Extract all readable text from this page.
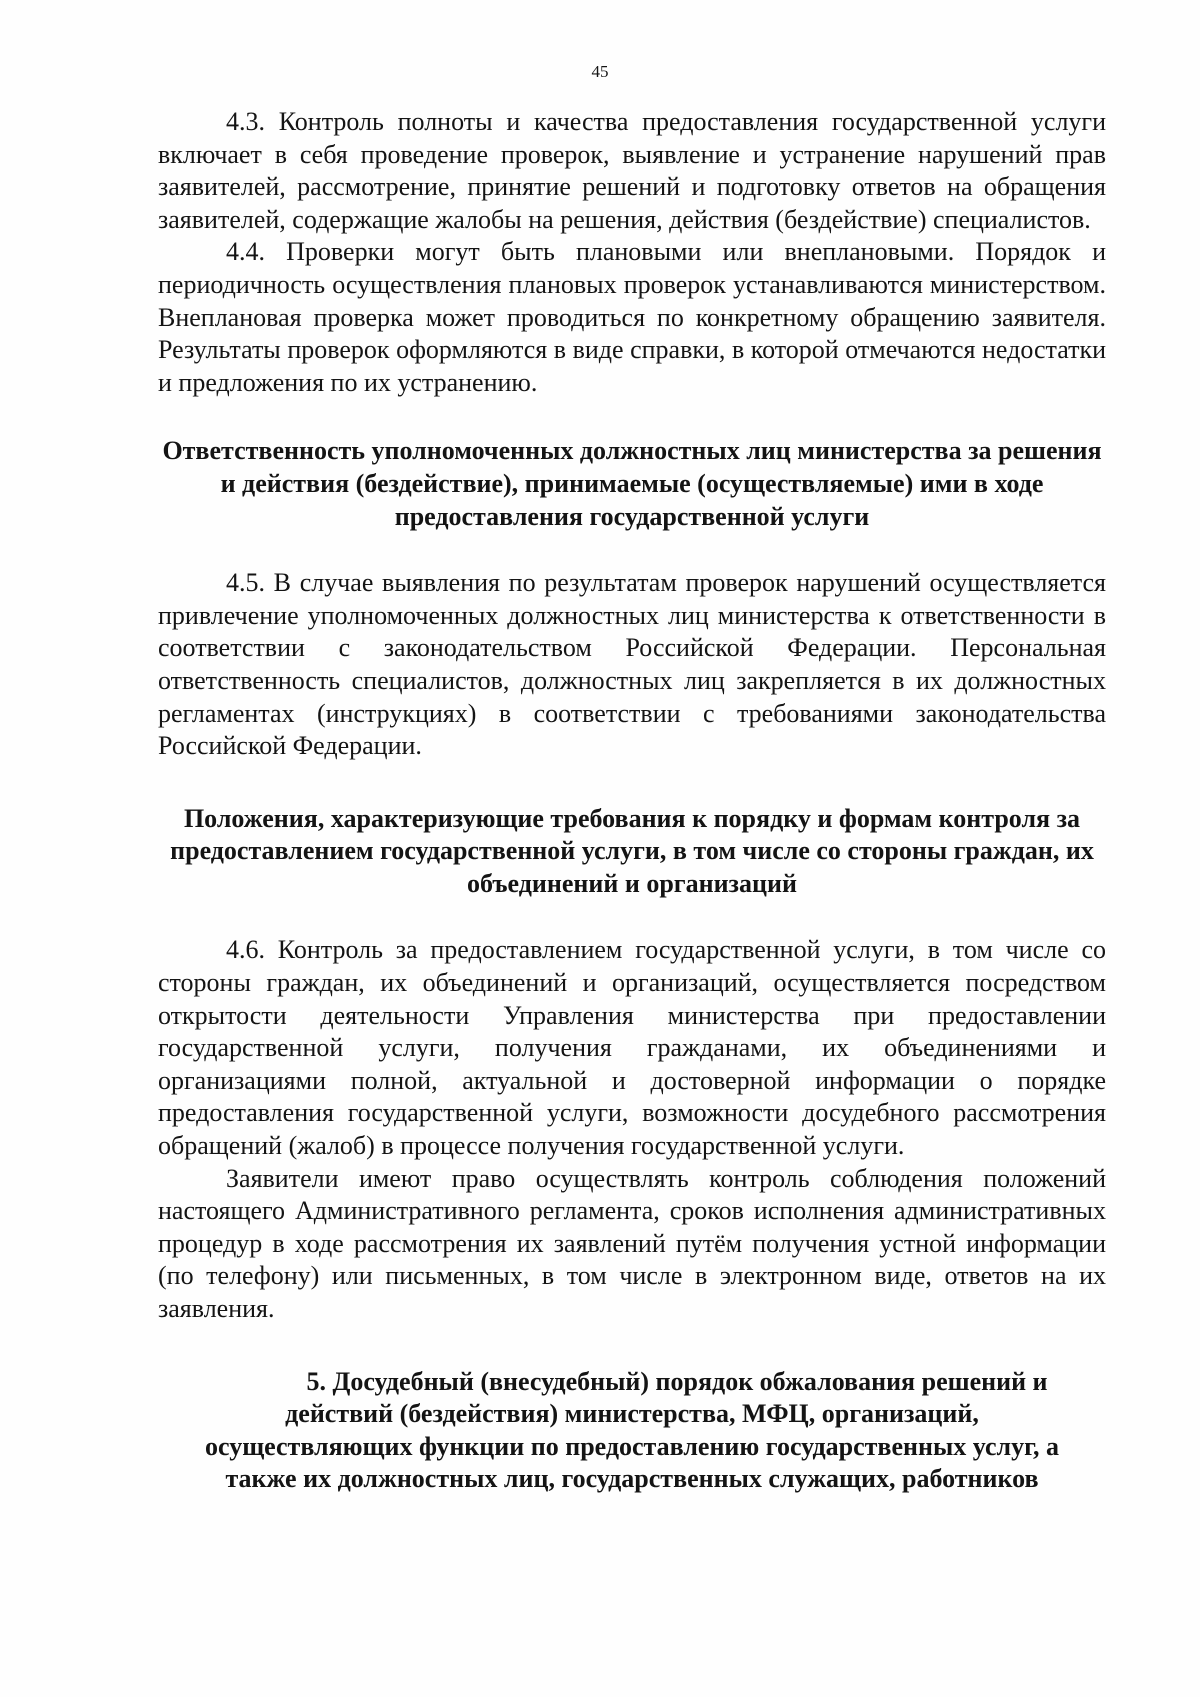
45

4.3. Контроль полноты и качества предоставления государственной услуги включает в себя проведение проверок, выявление и устранение нарушений прав заявителей, рассмотрение, принятие решений и подготовку ответов на обращения заявителей, содержащие жалобы на решения, действия (бездействие) специалистов.

4.4. Проверки могут быть плановыми или внеплановыми. Порядок и периодичность осуществления плановых проверок устанавливаются министерством. Внеплановая проверка может проводиться по конкретному обращению заявителя. Результаты проверок оформляются в виде справки, в которой отмечаются недостатки и предложения по их устранению.

Ответственность уполномоченных должностных лиц министерства за решения и действия (бездействие), принимаемые (осуществляемые) ими в ходе предоставления государственной услуги

4.5. В случае выявления по результатам проверок нарушений осуществляется привлечение уполномоченных должностных лиц министерства к ответственности в соответствии с законодательством Российской Федерации. Персональная ответственность специалистов, должностных лиц закрепляется в их должностных регламентах (инструкциях) в соответствии с требованиями законодательства Российской Федерации.

Положения, характеризующие требования к порядку и формам контроля за предоставлением государственной услуги, в том числе со стороны граждан, их объединений и организаций

4.6. Контроль за предоставлением государственной услуги, в том числе со стороны граждан, их объединений и организаций, осуществляется посредством открытости деятельности Управления министерства при предоставлении государственной услуги, получения гражданами, их объединениями и организациями полной, актуальной и достоверной информации о порядке предоставления государственной услуги, возможности досудебного рассмотрения обращений (жалоб) в процессе получения государственной услуги.

Заявители имеют право осуществлять контроль соблюдения положений настоящего Административного регламента, сроков исполнения административных процедур в ходе рассмотрения их заявлений путём получения устной информации (по телефону) или письменных, в том числе в электронном виде, ответов на их заявления.

5. Досудебный (внесудебный) порядок обжалования решений и
действий (бездействия) министерства, МФЦ, организаций,
осуществляющих функции по предоставлению государственных услуг, а
также их должностных лиц, государственных служащих, работников
